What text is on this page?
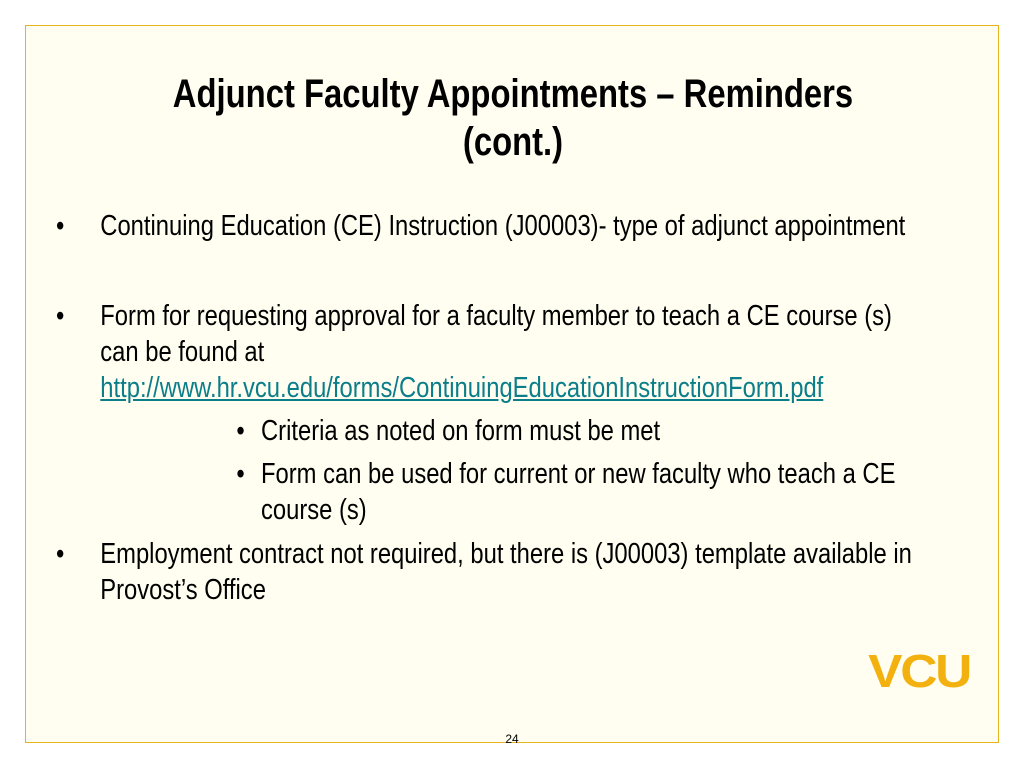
Adjunct Faculty Appointments – Reminders
(cont.)
• Continuing Education (CE) Instruction (J00003)- type of adjunct appointment
• Form for requesting approval for a faculty member to teach a CE course (s) can be found at
http://www.hr.vcu.edu/forms/ContinuingEducationInstructionForm.pdf
• Criteria as noted on form must be met
• Form can be used for current or new faculty who teach a CE course (s)
• Employment contract not required, but there is (J00003) template available in Provost’s Office
VCU
24
